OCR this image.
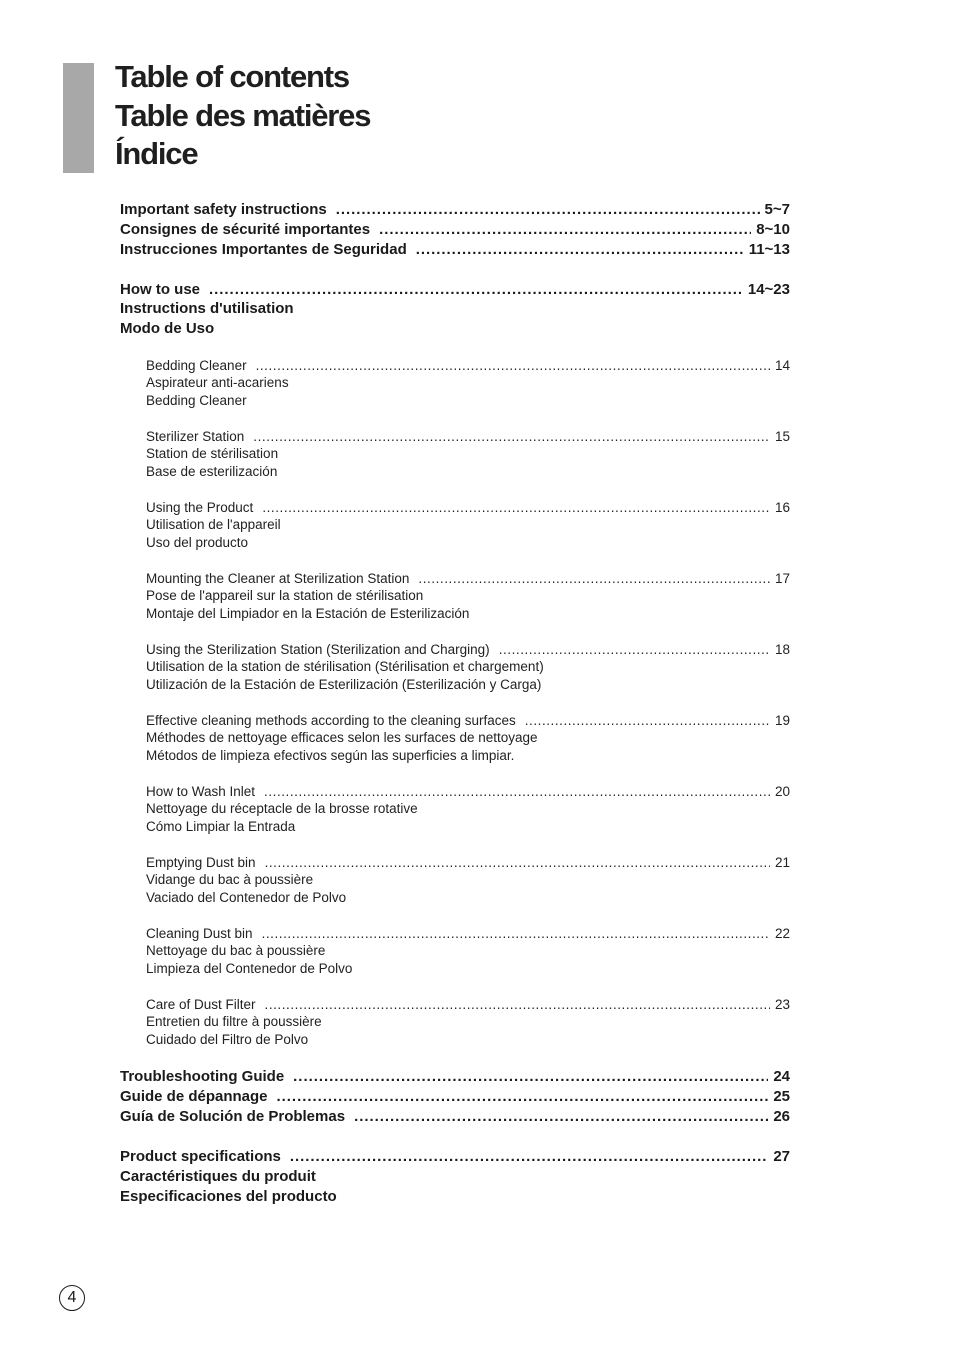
Table of contents
Table des matières
Índice
Important safety instructions . . .	5~7
Consignes de sécurité importantes . . .	8~10
Instrucciones Importantes de Seguridad . . .	11~13
How to use . . .	14~23
Instructions d'utilisation
Modo de Uso
Bedding Cleaner . . .	14
Aspirateur anti-acariens
Bedding Cleaner
Sterilizer Station . . .	15
Station de stérilisation
Base de esterilización
Using the Product . . .	16
Utilisation de l'appareil
Uso del producto
Mounting the Cleaner at Sterilization Station . . .	17
Pose de l'appareil sur la station de stérilisation
Montaje del Limpiador en la Estación de Esterilización
Using the Sterilization Station (Sterilization and Charging) . . .	18
Utilisation de la station de stérilisation (Stérilisation et chargement)
Utilización de la Estación de Esterilización (Esterilización y Carga)
Effective cleaning methods according to the cleaning surfaces . . .	19
Méthodes de nettoyage efficaces selon les surfaces de nettoyage
Métodos de limpieza efectivos según las superficies a limpiar.
How to Wash Inlet . . .	20
Nettoyage du réceptacle de la brosse rotative
Cómo Limpiar la Entrada
Emptying Dust bin . . .	21
Vidange du bac à poussière
Vaciado del Contenedor de Polvo
Cleaning Dust bin . . .	22
Nettoyage du bac à poussière
Limpieza del Contenedor de Polvo
Care of Dust Filter . . .	23
Entretien du filtre à poussière
Cuidado del Filtro de Polvo
Troubleshooting Guide . . .	24
Guide de dépannage . . .	25
Guía de Solución de Problemas . . .	26
Product specifications . . .	27
Caractéristiques du produit
Especificaciones del producto
4
